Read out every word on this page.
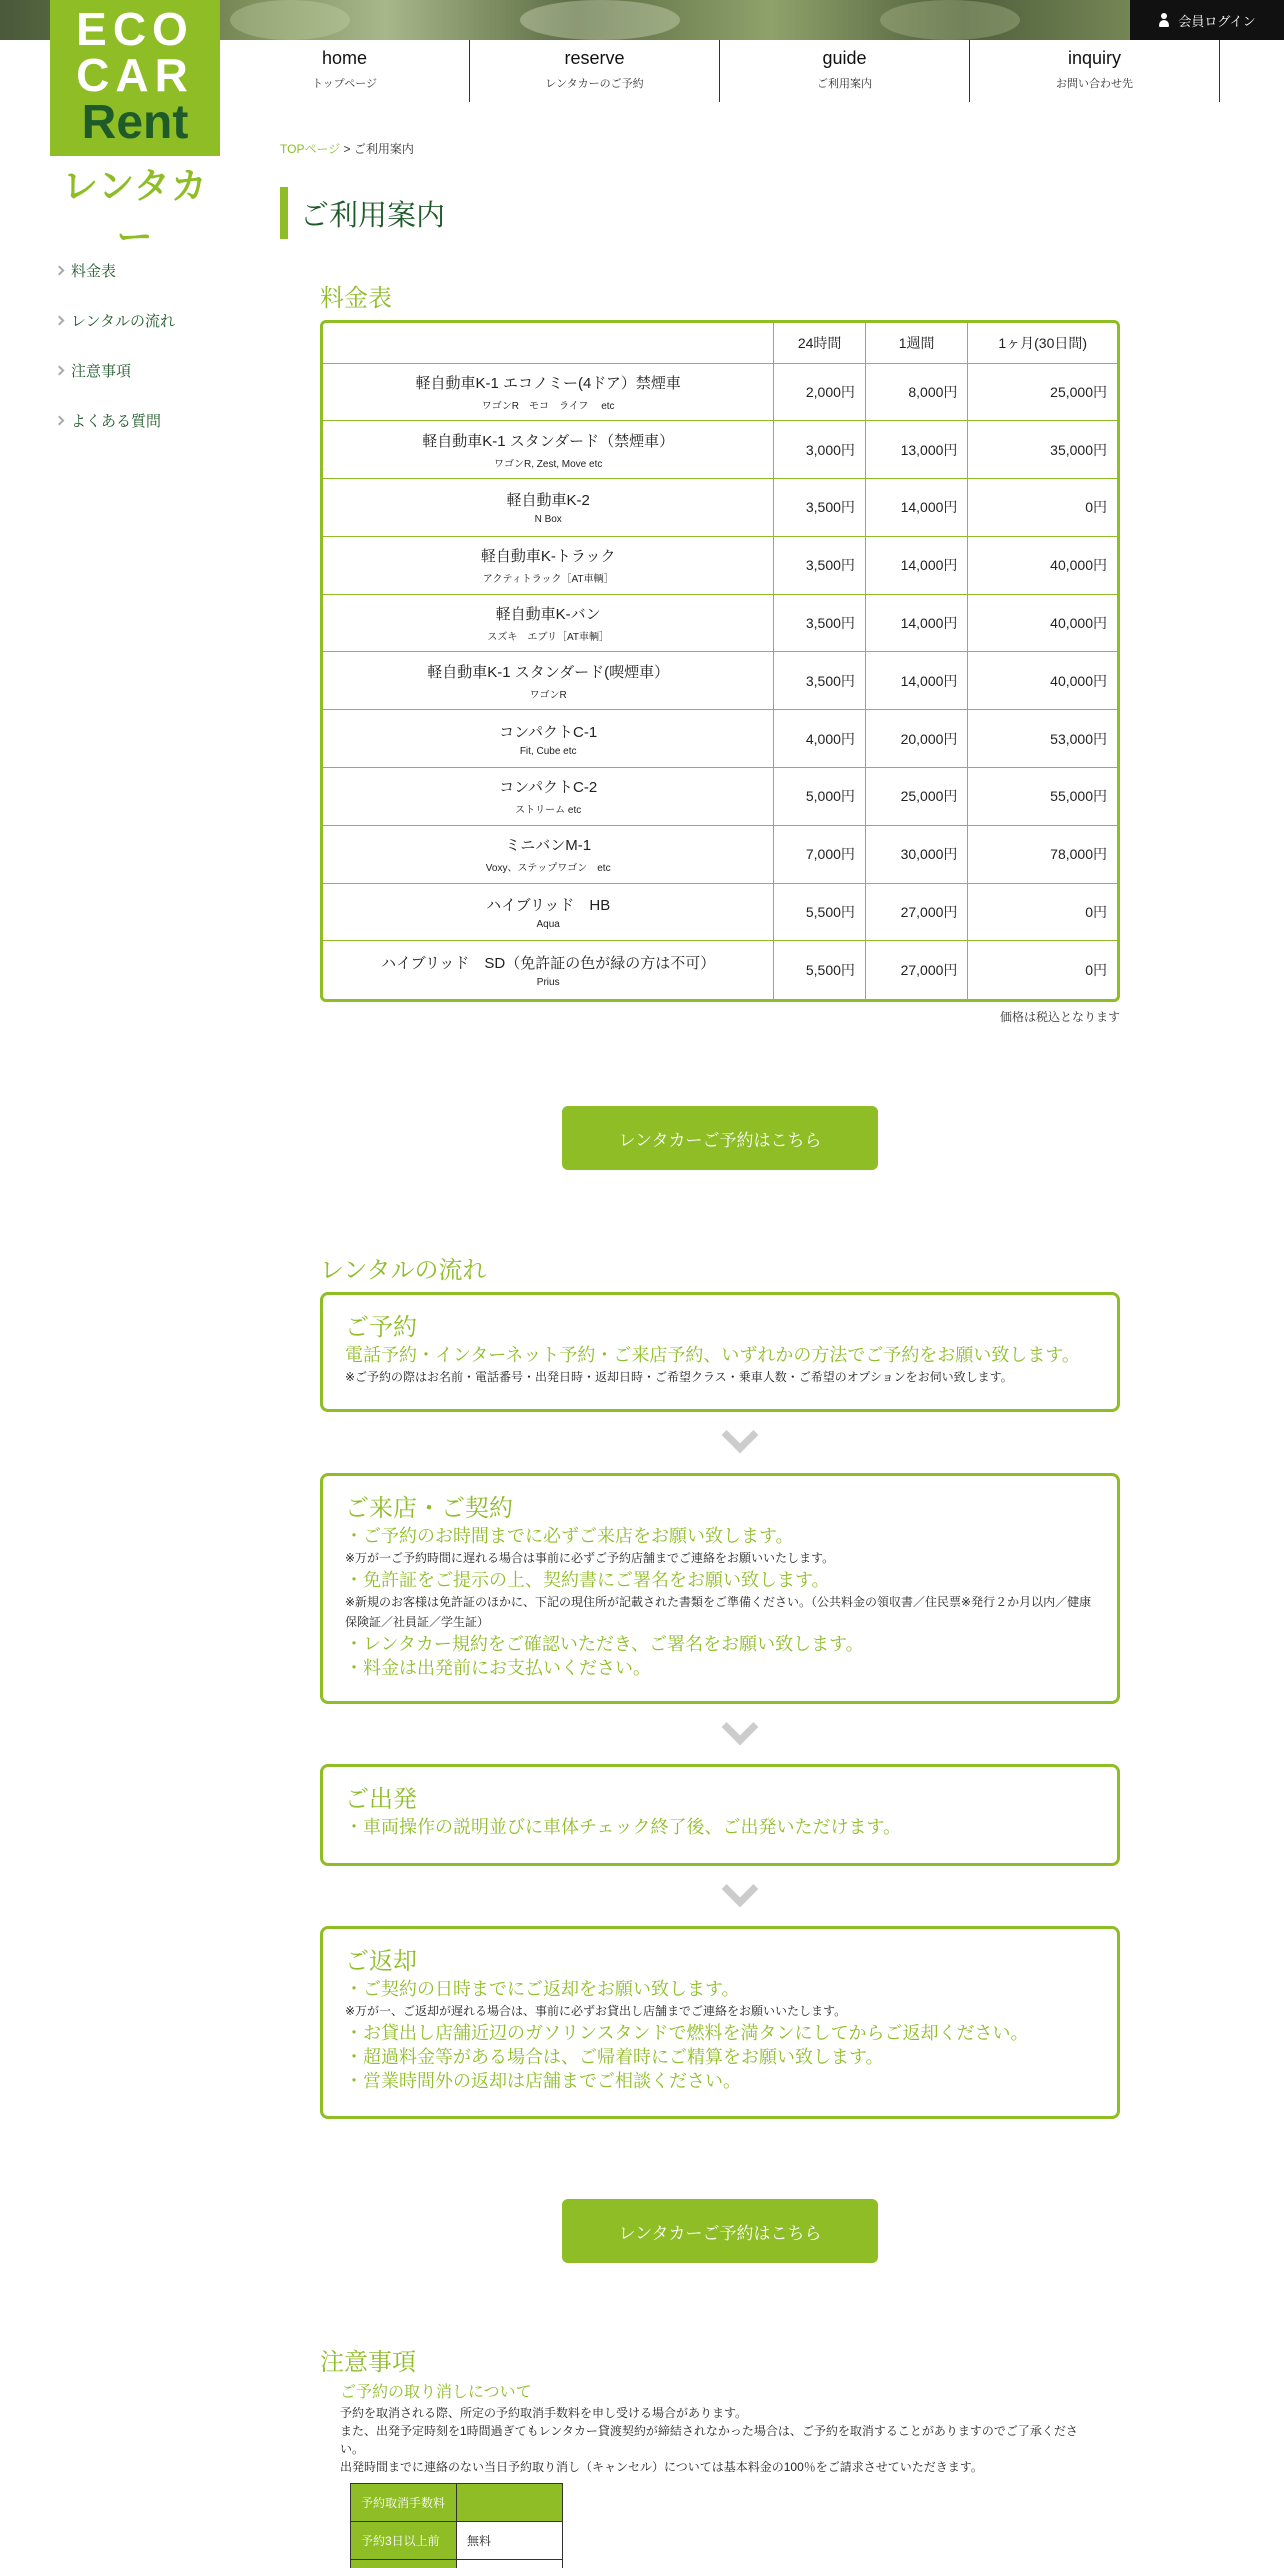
会員ログイン
ECO
CAR
Rent
レンタカー
home
トップページ
reserve
レンタカーのご予約
guide
ご利用案内
inquiry
お問い合わせ先
料金表
レンタルの流れ
注意事項
よくある質問
TOPページ > ご利用案内
ご利用案内
料金表
	24時間	1週間	1ヶ月(30日間)

軽自動車K-1 エコノミー(4ドア）禁煙車
ワゴンR　モコ　ライフ　 etc	2,000円	8,000円	25,000円

軽自動車K-1 スタンダード（禁煙車）
ワゴンR, Zest, Move etc	3,000円	13,000円	35,000円

軽自動車K-2
N Box	3,500円	14,000円	0円

軽自動車K-トラック
アクティトラック［AT車輌］	3,500円	14,000円	40,000円

軽自動車K-バン
スズキ　エブリ［AT車輌］	3,500円	14,000円	40,000円

軽自動車K-1 スタンダード(喫煙車）
ワゴンR	3,500円	14,000円	40,000円

コンパクトC-1
Fit, Cube etc	4,000円	20,000円	53,000円

コンパクトC-2
ストリーム etc	5,000円	25,000円	55,000円

ミニバンM-1
Voxy、ステップワゴン　etc	7,000円	30,000円	78,000円

ハイブリッド　HB
Aqua	5,500円	27,000円	0円

ハイブリッド　SD（免許証の色が緑の方は不可）
Prius	5,500円	27,000円	0円
価格は税込となります
レンタカーご予約はこちら
レンタルの流れ
ご予約
電話予約・インターネット予約・ご来店予約、いずれかの方法でご予約をお願い致します。
※ご予約の際はお名前・電話番号・出発日時・返却日時・ご希望クラス・乗車人数・ご希望のオプションをお伺い致します。
ご来店・ご契約
・ご予約のお時間までに必ずご来店をお願い致します。
※万が一ご予約時間に遅れる場合は事前に必ずご予約店舗までご連絡をお願いいたします。
・免許証をご提示の上、契約書にご署名をお願い致します。
※新規のお客様は免許証のほかに、下記の現住所が記載された書類をご準備ください。（公共料金の領収書／住民票※発行２か月以内／健康保険証／社員証／学生証）
・レンタカー規約をご確認いただき、ご署名をお願い致します。
・料金は出発前にお支払いください。
ご出発
・車両操作の説明並びに車体チェック終了後、ご出発いただけます。
ご返却
・ご契約の日時までにご返却をお願い致します。
※万が一、ご返却が遅れる場合は、事前に必ずお貸出し店舗までご連絡をお願いいたします。
・お貸出し店舗近辺のガソリンスタンドで燃料を満タンにしてからご返却ください。
・超過料金等がある場合は、ご帰着時にご精算をお願い致します。
・営業時間外の返却は店舗までご相談ください。
レンタカーご予約はこちら
注意事項
ご予約の取り消しについて
予約を取消される際、所定の予約取消手数料を申し受ける場合があります。
また、出発予定時刻を1時間過ぎてもレンタカー貸渡契約が締結されなかった場合は、ご予約を取消することがありますのでご了承ください。
出発時間までに連絡のない当日予約取り消し（キャンセル）については基本料金の100％をご請求させていただきます。
予約取消手数料	
予約3日以上前	無料
